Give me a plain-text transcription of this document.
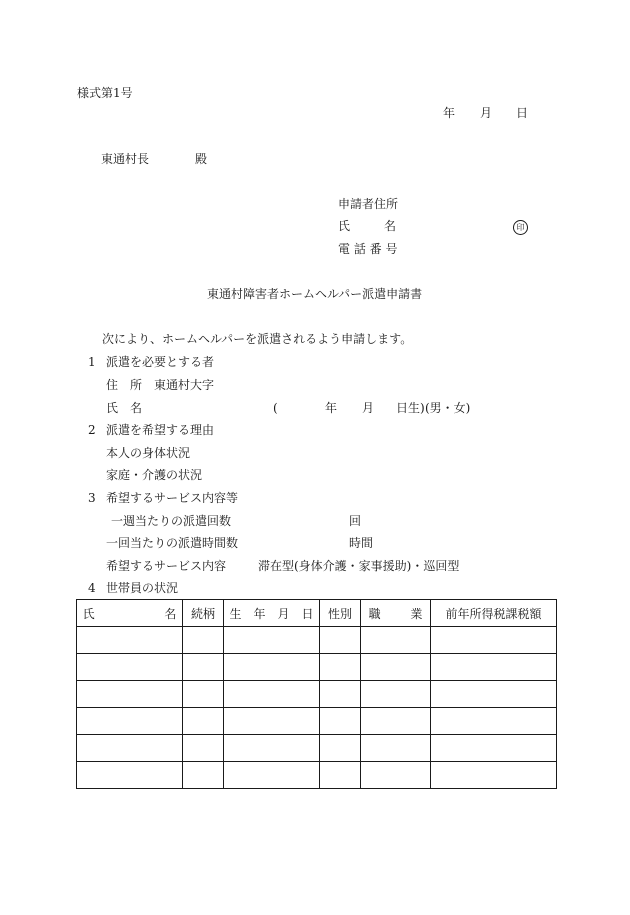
様式第1号
年 月 日
東通村長	殿
申請者住所
氏	名	印
電 話 番 号
東通村障害者ホームヘルパー派遣申請書
次により、ホームヘルパーを派遣されるよう申請します。
1 派遣を必要とする者
住　所 東通村大字
氏　名	(	年 月 日生) (男・女)
2 派遣を希望する理由
本人の身体状況
家庭・介護の状況
3 希望するサービス内容等
一週当たりの派遣回数	回
一回当たりの派遣時間数	時間
希望するサービス内容	滞在型(身体介護・家事援助)・巡回型
4 世帯員の状況
氏 名	続柄	生　年　月　日	性別	職 業	前年所得税課税額
